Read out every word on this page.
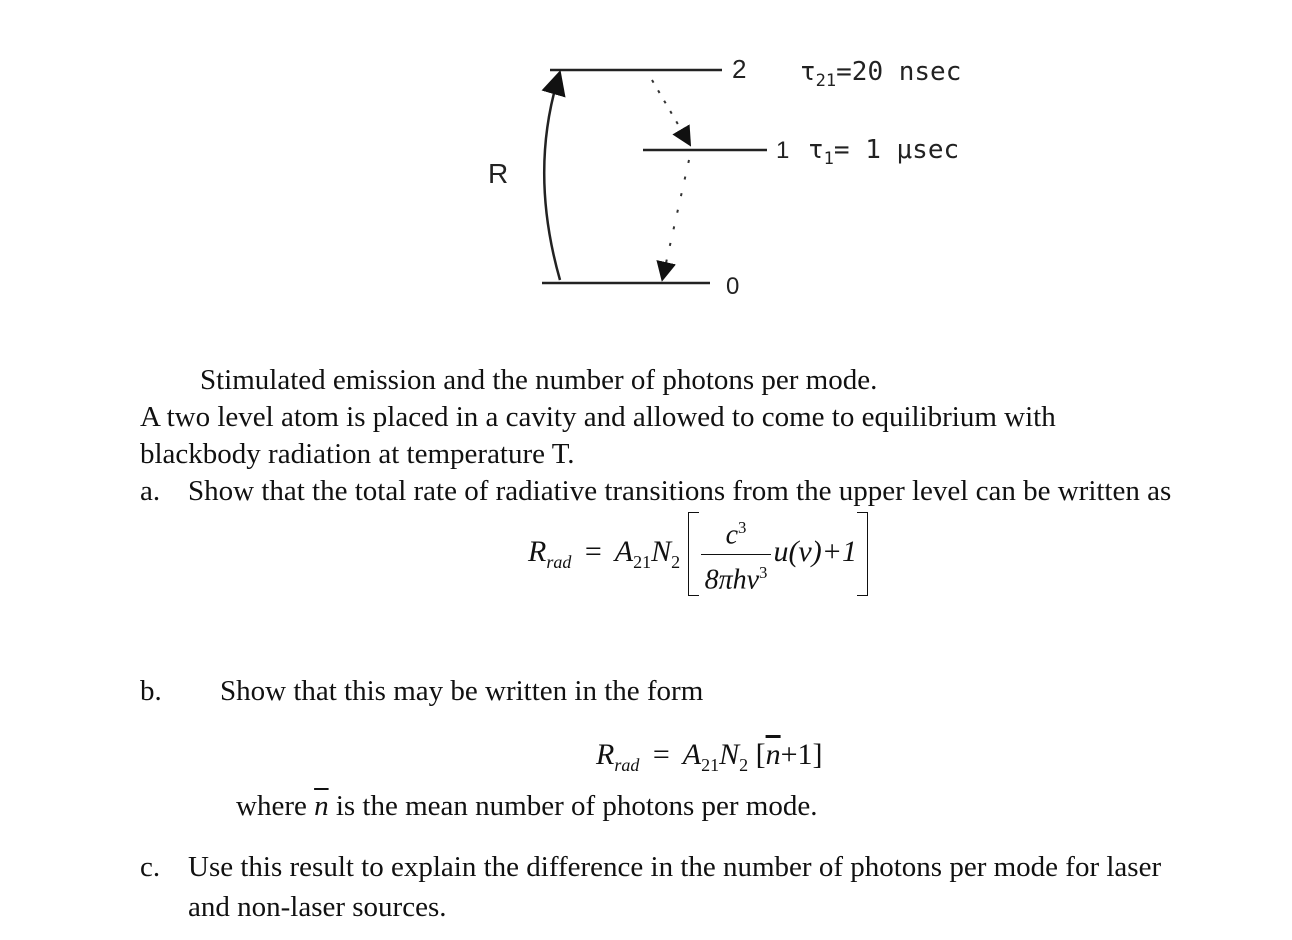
2 $\tau_{21}=20$ nsec
1 $\tau_1= 1$ μsec
0
R
Stimulated emission and the number of photons per mode.
A two level atom is placed in a cavity and allowed to come to equilibrium with
blackbody radiation at temperature T.
a. Show that the total rate of radiative transitions from the upper level can be written as
$R_{rad} = A_{21}N_2 \frac{c^3}{8\pi hv^3} u(\nu)+1$
b. Show that this may be written in the form
$R_{rad} = A_{21}N_2$ $[\overline{n}+1]$
where $\overline{n}$ is the mean number of photons per mode.
c. Use this result to explain the difference in the number of photons per mode for laser
and non-laser sources.
